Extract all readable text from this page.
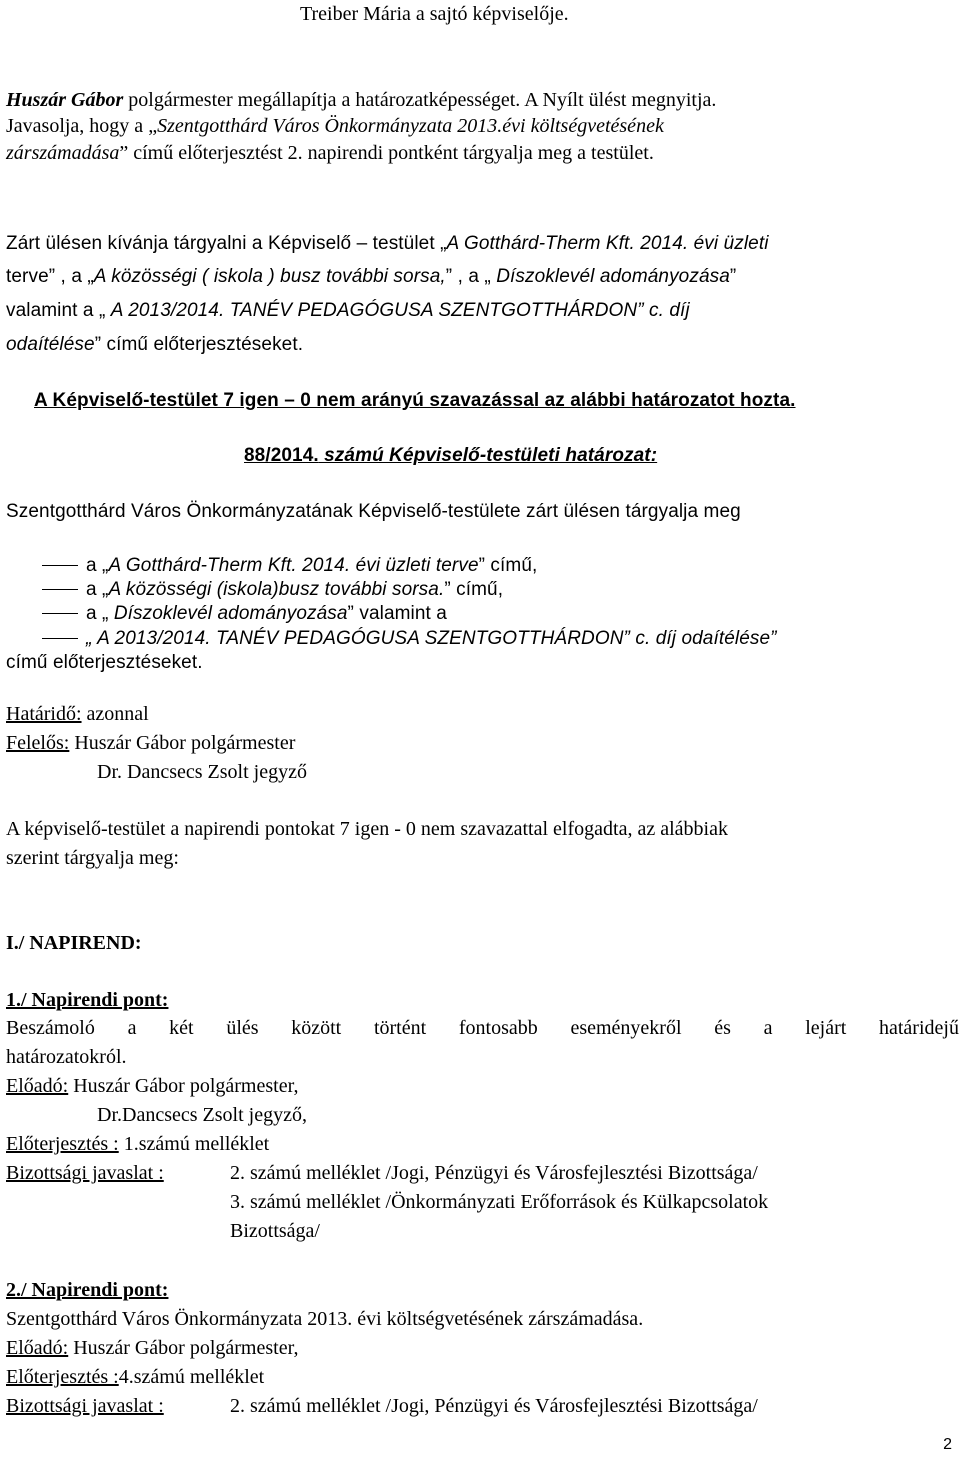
Treiber Mária a sajtó képviselője.
Huszár Gábor polgármester megállapítja a határozatképességet. A Nyílt ülést megnyitja.
Javasolja, hogy a „Szentgotthárd Város Önkormányzata 2013.évi költségvetésének
zárszámadása” című előterjesztést 2. napirendi pontként tárgyalja meg a testület.
Zárt ülésen kívánja tárgyalni a Képviselő – testület „A Gotthárd-Therm Kft. 2014. évi üzleti
terve” , a „A közösségi ( iskola ) busz további sorsa,” , a „ Díszoklevél adományozása”
valamint a „ A 2013/2014. TANÉV PEDAGÓGUSA SZENTGOTTHÁRDON” c. díj
odaítélése” című előterjesztéseket.
A Képviselő-testület 7 igen – 0 nem arányú szavazással az alábbi határozatot hozta.
88/2014. számú Képviselő-testületi határozat:
Szentgotthárd Város Önkormányzatának Képviselő-testülete zárt ülésen tárgyalja meg
a „A Gotthárd-Therm Kft. 2014. évi üzleti terve” című,
a „A közösségi (iskola)busz további sorsa.” című,
a „ Díszoklevél adományozása” valamint a
„ A 2013/2014. TANÉV PEDAGÓGUSA SZENTGOTTHÁRDON” c. díj odaítélése”
című előterjesztéseket.
Határidő: azonnal
Felelős: Huszár Gábor polgármester
Dr. Dancsecs Zsolt jegyző
A képviselő-testület a napirendi pontokat 7 igen - 0 nem szavazattal elfogadta, az alábbiak
szerint tárgyalja meg:
I./ NAPIREND:
1./ Napirendi pont:
Beszámoló a két ülés között történt fontosabb eseményekről és a lejárt határidejű
határozatokról.
Előadó: Huszár Gábor polgármester,
Dr.Dancsecs Zsolt jegyző,
Előterjesztés : 1.számú melléklet
Bizottsági javaslat :	2. számú melléklet /Jogi, Pénzügyi és Városfejlesztési Bizottsága/
3. számú melléklet /Önkormányzati Erőforrások és Külkapcsolatok
Bizottsága/
2./ Napirendi pont:
Szentgotthárd Város Önkormányzata 2013. évi költségvetésének zárszámadása.
Előadó: Huszár Gábor polgármester,
Előterjesztés :4.számú melléklet
Bizottsági javaslat :	2. számú melléklet /Jogi, Pénzügyi és Városfejlesztési Bizottsága/
2
